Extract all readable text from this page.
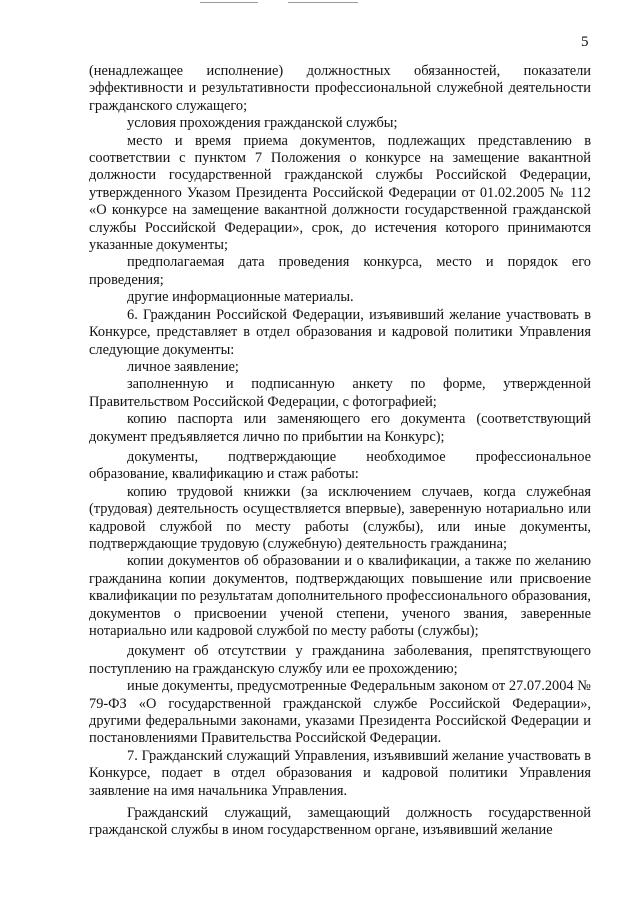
5

(ненадлежащее исполнение) должностных обязанностей, показатели эффективности и результативности профессиональной служебной деятельности гражданского служащего;

условия прохождения гражданской службы;

место и время приема документов, подлежащих представлению в соответствии с пунктом 7 Положения о конкурсе на замещение вакантной должности государственной гражданской службы Российской Федерации, утвержденного Указом Президента Российской Федерации от 01.02.2005 № 112 «О конкурсе на замещение вакантной должности государственной гражданской службы Российской Федерации», срок, до истечения которого принимаются указанные документы;

предполагаемая дата проведения конкурса, место и порядок его проведения;

другие информационные материалы.

6. Гражданин Российской Федерации, изъявивший желание участвовать в Конкурсе, представляет в отдел образования и кадровой политики Управления следующие документы:

личное заявление;

заполненную и подписанную анкету по форме, утвержденной Правительством Российской Федерации, с фотографией;

копию паспорта или заменяющего его документа (соответствующий документ предъявляется лично по прибытии на Конкурс);

документы, подтверждающие необходимое профессиональное образование, квалификацию и стаж работы:

копию трудовой книжки (за исключением случаев, когда служебная (трудовая) деятельность осуществляется впервые), заверенную нотариально или кадровой службой по месту работы (службы), или иные документы, подтверждающие трудовую (служебную) деятельность гражданина;

копии документов об образовании и о квалификации, а также по желанию гражданина копии документов, подтверждающих повышение или присвоение квалификации по результатам дополнительного профессионального образования, документов о присвоении ученой степени, ученого звания, заверенные нотариально или кадровой службой по месту работы (службы);

документ об отсутствии у гражданина заболевания, препятствующего поступлению на гражданскую службу или ее прохождению;

иные документы, предусмотренные Федеральным законом от 27.07.2004 № 79-ФЗ «О государственной гражданской службе Российской Федерации», другими федеральными законами, указами Президента Российской Федерации и постановлениями Правительства Российской Федерации.

7. Гражданский служащий Управления, изъявивший желание участвовать в Конкурсе, подает в отдел образования и кадровой политики Управления заявление на имя начальника Управления.

Гражданский служащий, замещающий должность государственной гражданской службы в ином государственном органе, изъявивший желание
